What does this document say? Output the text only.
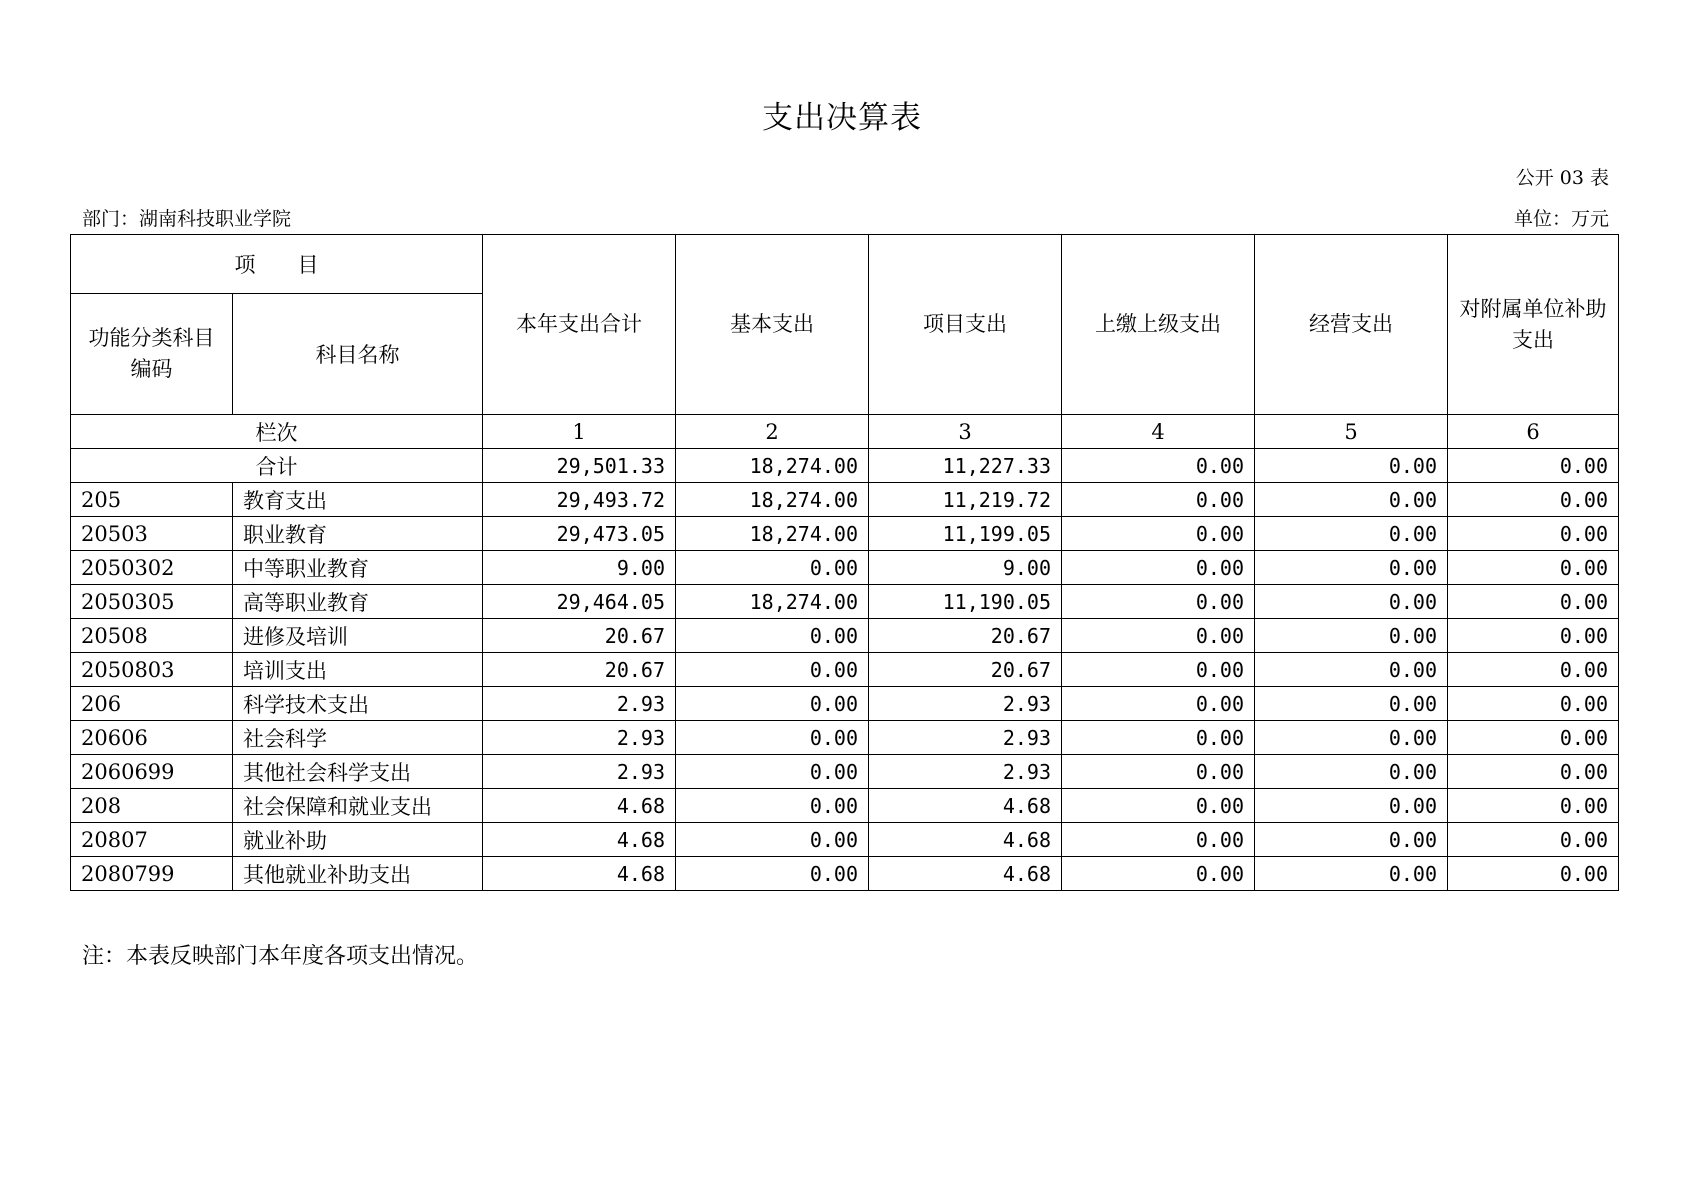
支出决算表
公开 03 表
部门：湖南科技职业学院	单位：万元
项　　目		本年支出合计	基本支出	项目支出	上缴上级支出	经营支出	对附属单位补助支出
功能分类科目编码	科目名称						
栏次		1	2	3	4	5	6
合计		29,501.33	18,274.00	11,227.33	0.00	0.00	0.00
205	教育支出	29,493.72	18,274.00	11,219.72	0.00	0.00	0.00
20503	职业教育	29,473.05	18,274.00	11,199.05	0.00	0.00	0.00
2050302	中等职业教育	9.00	0.00	9.00	0.00	0.00	0.00
2050305	高等职业教育	29,464.05	18,274.00	11,190.05	0.00	0.00	0.00
20508	进修及培训	20.67	0.00	20.67	0.00	0.00	0.00
2050803	培训支出	20.67	0.00	20.67	0.00	0.00	0.00
206	科学技术支出	2.93	0.00	2.93	0.00	0.00	0.00
20606	社会科学	2.93	0.00	2.93	0.00	0.00	0.00
2060699	其他社会科学支出	2.93	0.00	2.93	0.00	0.00	0.00
208	社会保障和就业支出	4.68	0.00	4.68	0.00	0.00	0.00
20807	就业补助	4.68	0.00	4.68	0.00	0.00	0.00
2080799	其他就业补助支出	4.68	0.00	4.68	0.00	0.00	0.00
注：本表反映部门本年度各项支出情况。
